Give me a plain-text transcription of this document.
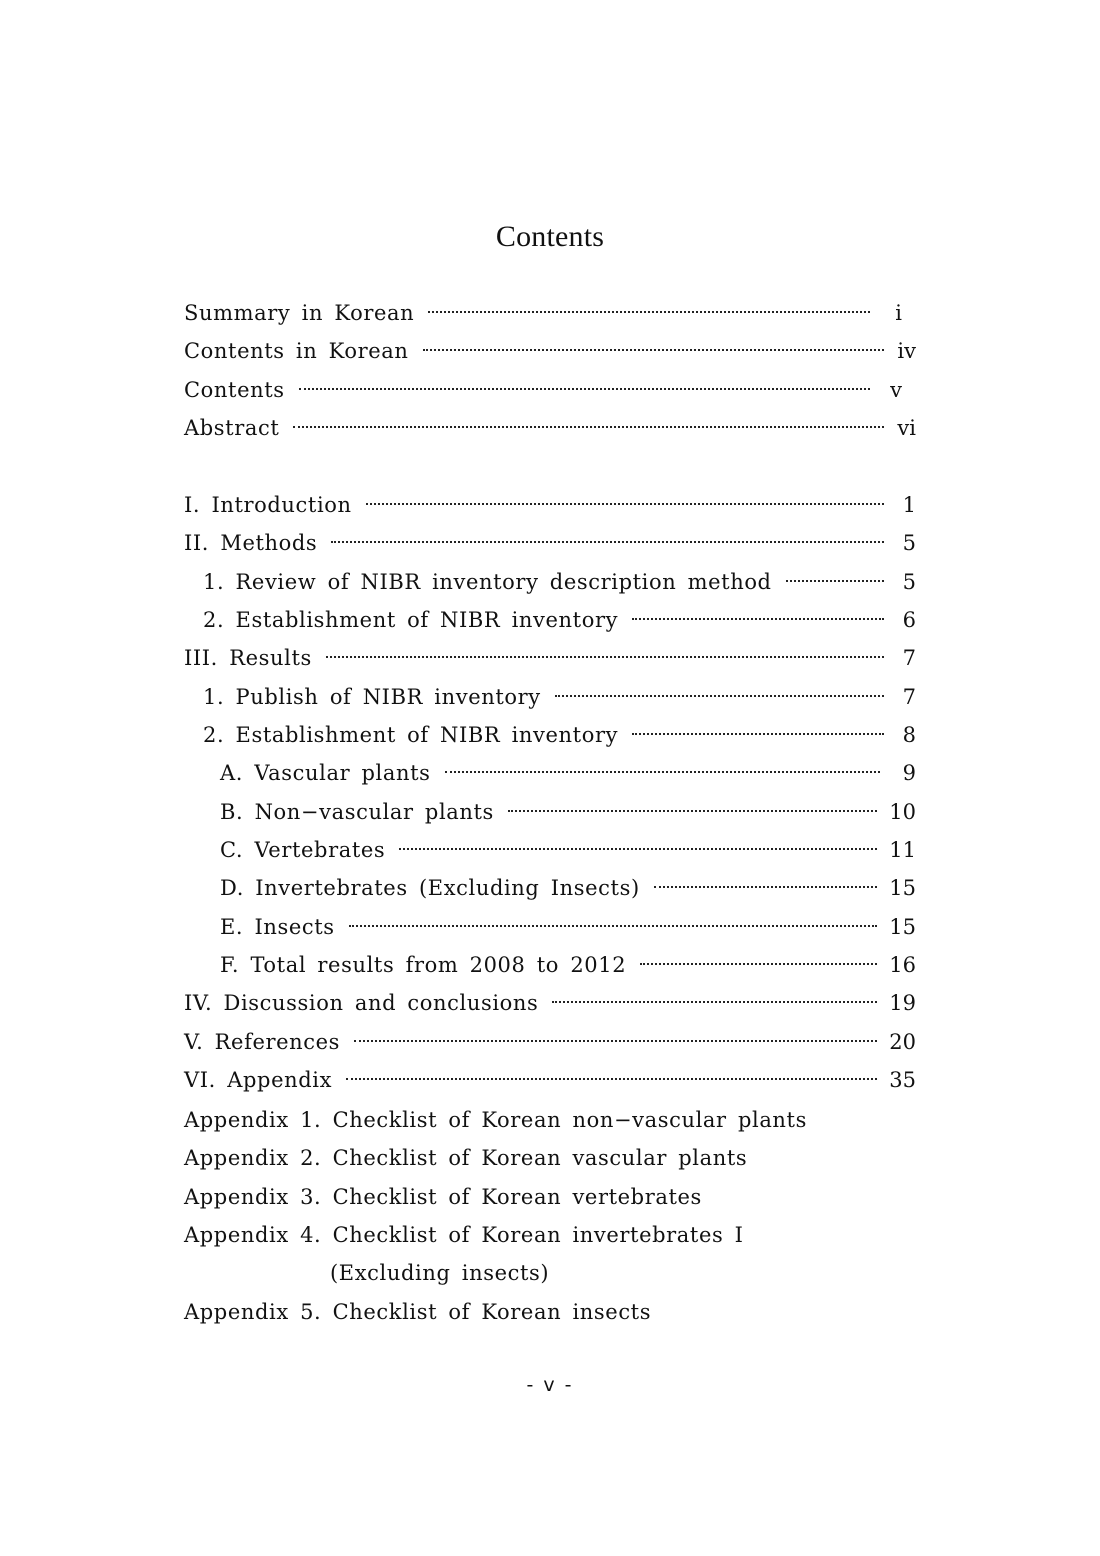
Contents
Summary in Korean	i
Contents in Korean	iv
Contents	v
Abstract	vi
I. Introduction	1
II. Methods	5
1. Review of NIBR inventory description method	5
2. Establishment of NIBR inventory	6
III. Results	7
1. Publish of NIBR inventory	7
2. Establishment of NIBR inventory	8
A. Vascular plants	9
B. Non−vascular plants	10
C. Vertebrates	11
D. Invertebrates (Excluding Insects)	15
E. Insects	15
F. Total results from 2008 to 2012	16
IV. Discussion and conclusions	19
V. References	20
VI. Appendix	35
Appendix 1. Checklist of Korean non−vascular plants
Appendix 2. Checklist of Korean vascular plants
Appendix 3. Checklist of Korean vertebrates
Appendix 4. Checklist of Korean invertebrates I
(Excluding insects)
Appendix 5. Checklist of Korean insects
- v -
